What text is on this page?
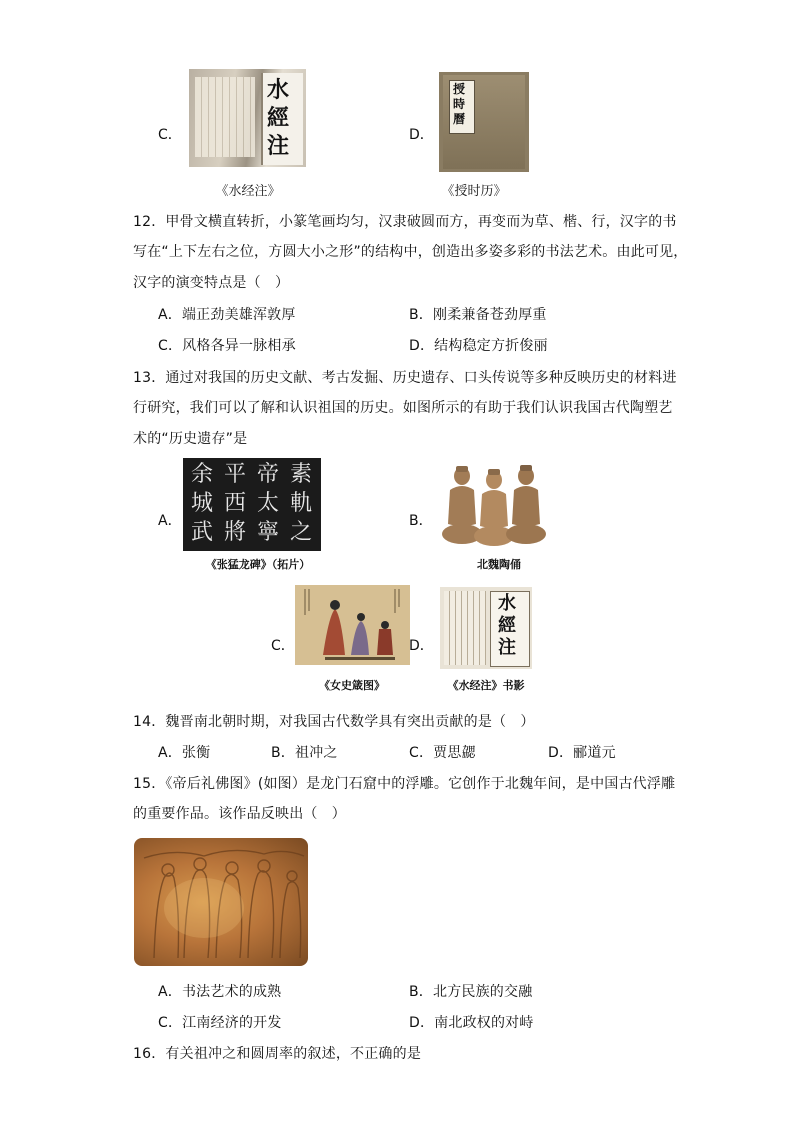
C．
水
經
注
《水经注》
D．
授
時
曆
《授时历》
12．甲骨文横直转折，小篆笔画均匀，汉隶破圆而方，再变而为草、楷、行，汉字的书
写在“上下左右之位，方圆大小之形”的结构中，创造出多姿多彩的书法艺术。由此可见，
汉字的演变特点是（　）
A．端正劲美雄浑敦厚	B．刚柔兼备苍劲厚重
C．风格各异一脉相承	D．结构稳定方折俊丽
13．通过对我国的历史文献、考古发掘、历史遗存、口头传说等多种反映历史的材料进
行研究，我们可以了解和认识祖国的历史。如图所示的有助于我们认识我国古代陶塑艺
术的“历史遗存”是
A．
余 平 帝 素
城 西 太 軌
武 將 寧 之
《张猛龙碑》（拓片）
B．
北魏陶俑
C．
《女史箴图》
D．
水
經
注
《水经注》书影
14．魏晋南北朝时期，对我国古代数学具有突出贡献的是（　）
A．张衡	B．祖冲之	C．贾思勰	D．郦道元
15．《帝后礼佛图》(如图）是龙门石窟中的浮雕。它创作于北魏年间，是中国古代浮雕
的重要作品。该作品反映出（　）
A．书法艺术的成熟	B．北方民族的交融
C．江南经济的开发	D．南北政权的对峙
16．有关祖冲之和圆周率的叙述，不正确的是
